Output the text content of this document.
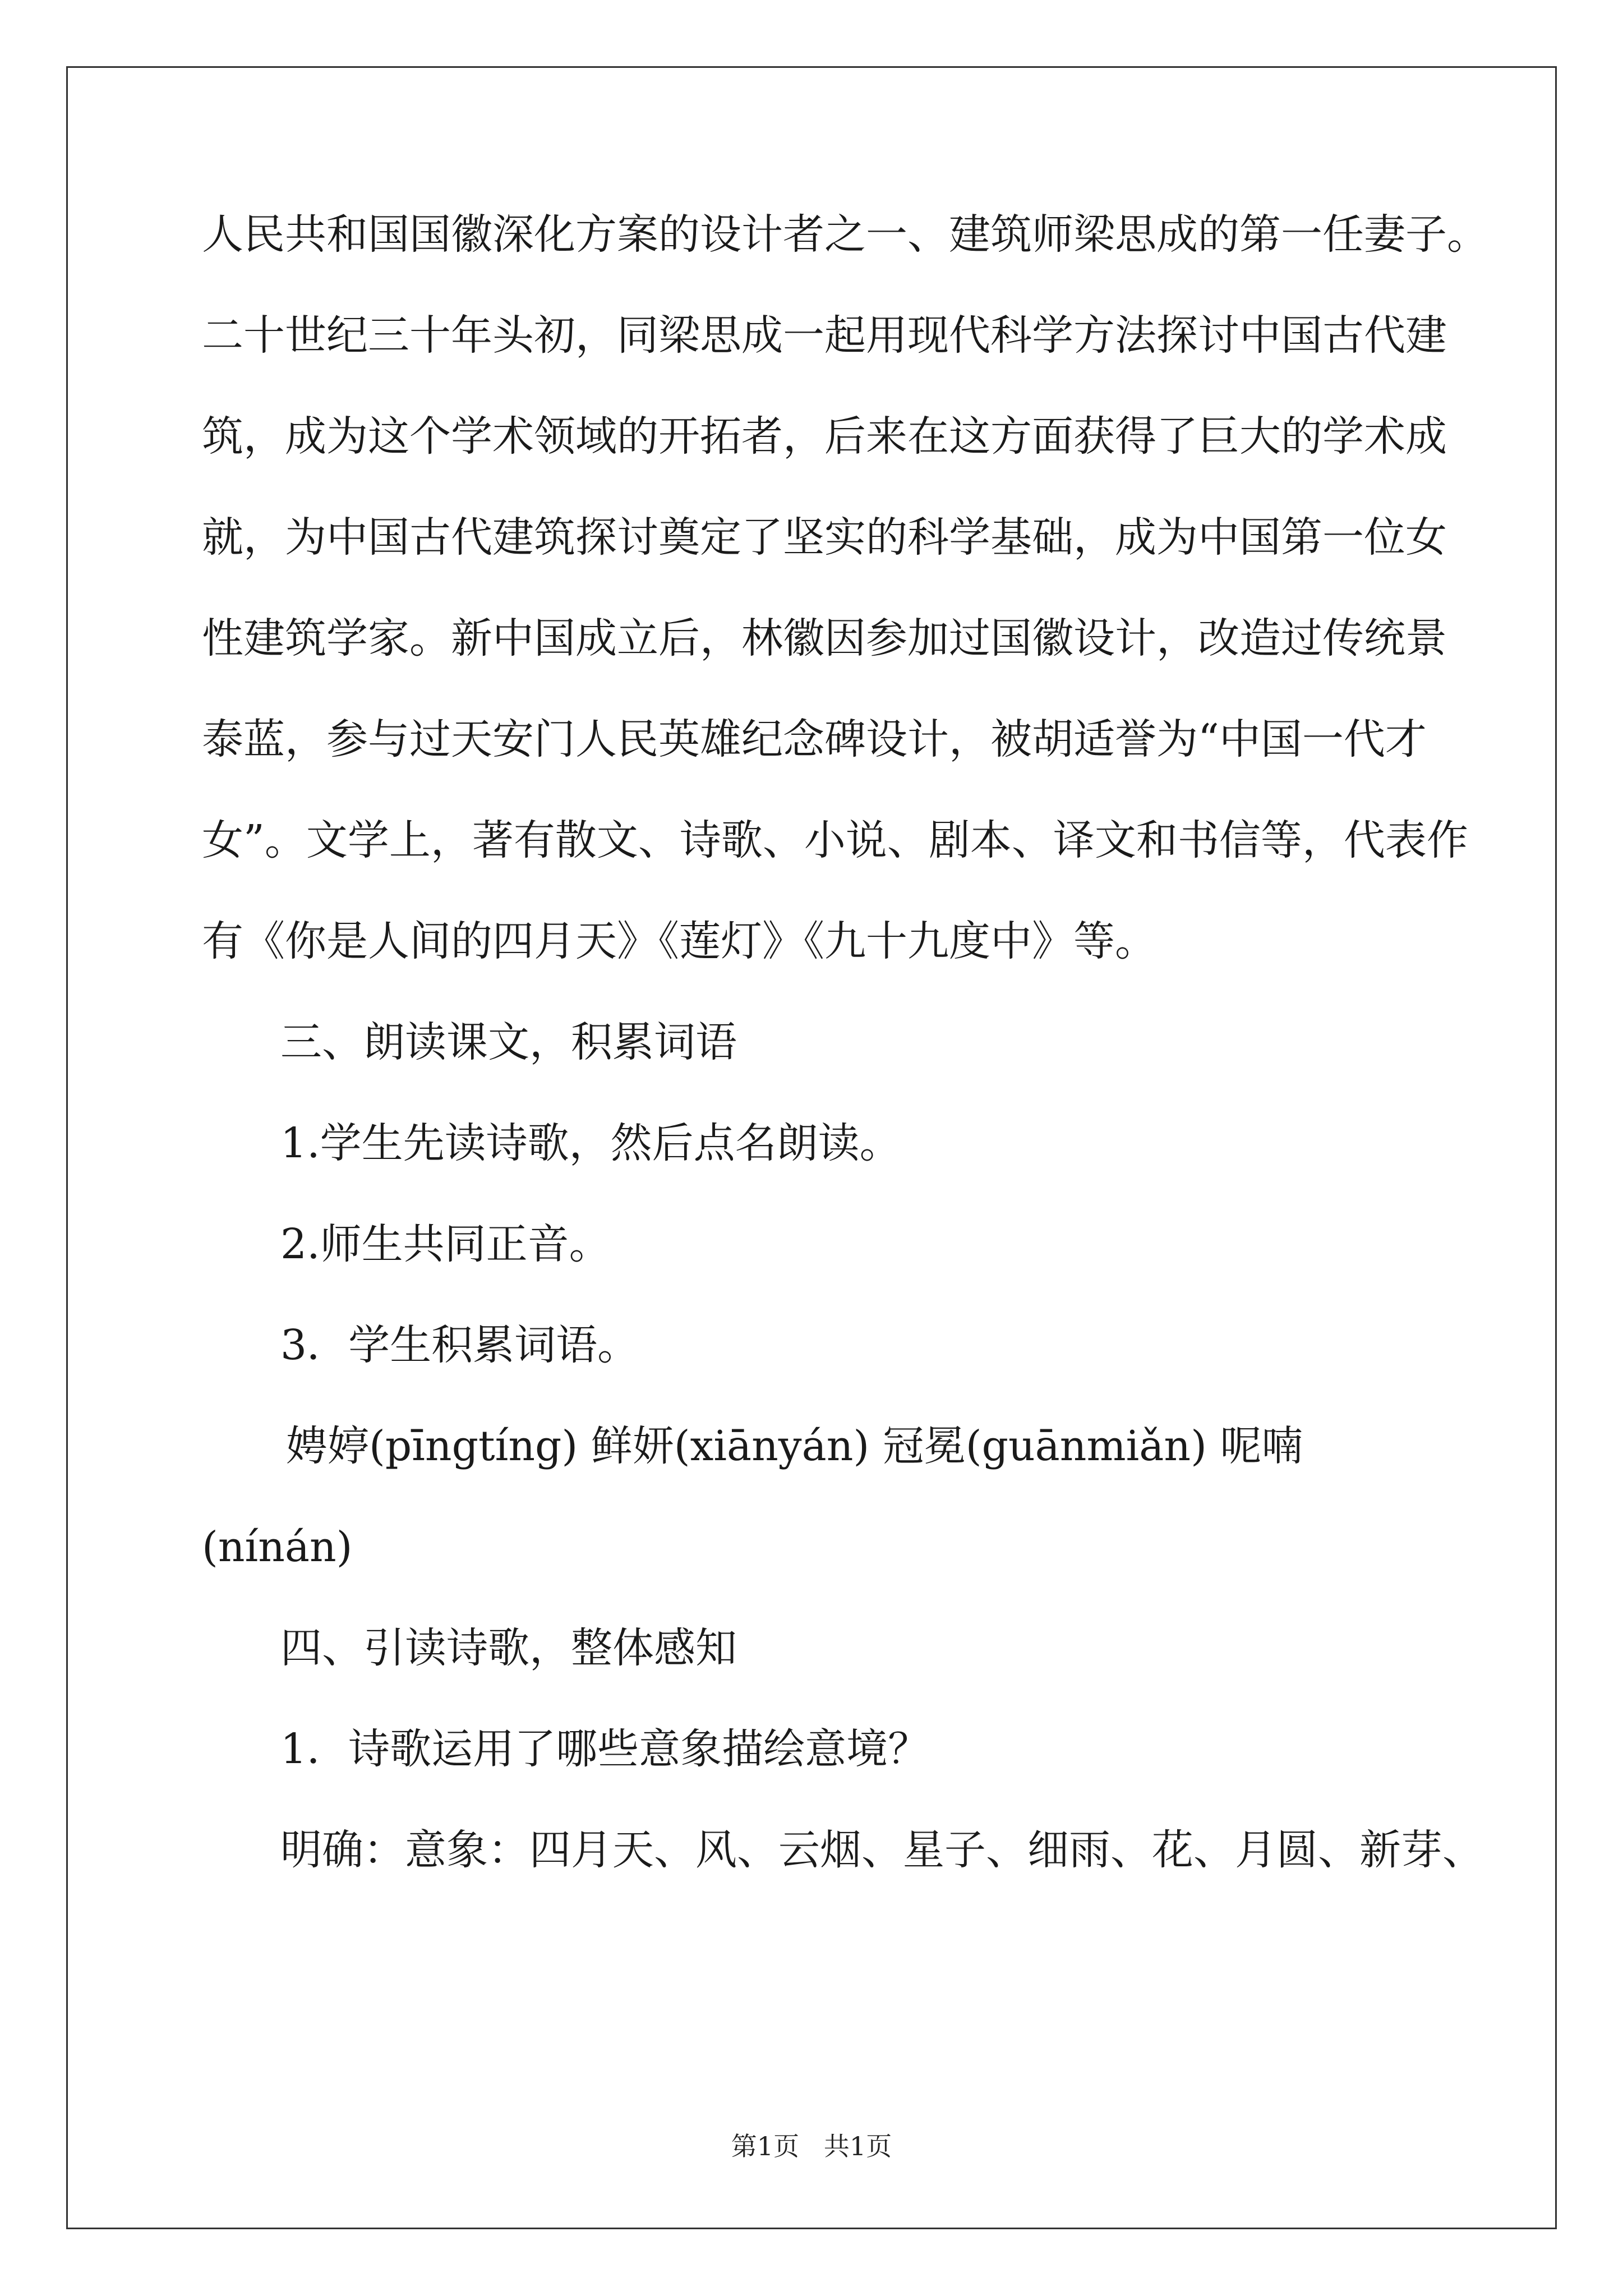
人民共和国国徽深化方案的设计者之一、建筑师梁思成的第一任妻子。
二十世纪三十年头初，同梁思成一起用现代科学方法探讨中国古代建
筑，成为这个学术领域的开拓者，后来在这方面获得了巨大的学术成
就，为中国古代建筑探讨奠定了坚实的科学基础，成为中国第一位女
性建筑学家。新中国成立后，林徽因参加过国徽设计，改造过传统景
泰蓝，参与过天安门人民英雄纪念碑设计，被胡适誉为“中国一代才
女”。文学上，著有散文、诗歌、小说、剧本、译文和书信等，代表作
有《你是人间的四月天》《莲灯》《九十九度中》等。
三、朗读课文，积累词语
1.学生先读诗歌，然后点名朗读。
2.师生共同正音。
3．学生积累词语。
娉婷(pīngtíng) 鲜妍(xiānyán) 冠冕(guānmiǎn) 呢喃
(nínán)
四、引读诗歌，整体感知
1．诗歌运用了哪些意象描绘意境？
明确：意象：四月天、风、云烟、星子、细雨、花、月圆、新芽、
第1页   共1页
